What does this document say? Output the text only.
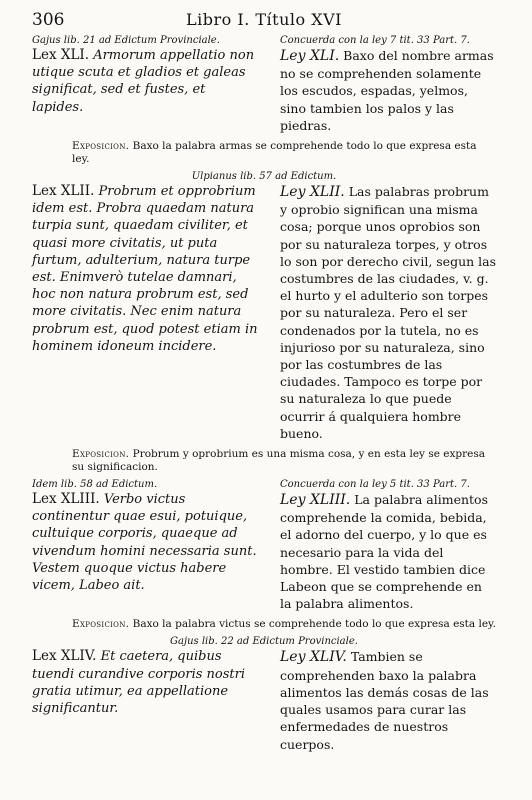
306	Libro I. Título XVI
Gajus lib. 21 ad Edictum Provinciale.

Lex XLI. Armorum appellatio non utique scuta et gladios et galeas significat, sed et fustes, et lapides.

Concuerda con la ley 7 tit. 33 Part. 7.

Ley XLI. Baxo del nombre armas no se comprehenden solamente los escudos, espadas, yelmos, sino tambien los palos y las piedras.

Exposicion. Baxo la palabra armas se comprehende todo lo que expresa esta ley.

Ulpianus lib. 57 ad Edictum.

Lex XLII. Probrum et opprobrium idem est. Probra quaedam natura turpia sunt, quaedam civiliter, et quasi more civitatis, ut puta furtum, adulterium, natura turpe est. Enimverò tutelae damnari, hoc non natura probrum est, sed more civitatis. Nec enim natura probrum est, quod potest etiam in hominem idoneum incidere.

Ley XLII. Las palabras probrum y oprobio significan una misma cosa; porque unos oprobios son por su naturaleza torpes, y otros lo son por derecho civil, segun las costumbres de las ciudades, v. g. el hurto y el adulterio son torpes por su naturaleza. Pero el ser condenados por la tutela, no es injurioso por su naturaleza, sino por las costumbres de las ciudades. Tampoco es torpe por su naturaleza lo que puede ocurrir á qualquiera hombre bueno.

Exposicion. Probrum y oprobrium es una misma cosa, y en esta ley se expresa su significacion.

Idem lib. 58 ad Edictum.

Lex XLIII. Verbo victus continentur quae esui, potuique, cultuique corporis, quaeque ad vivendum homini necessaria sunt. Vestem quoque victus habere vicem, Labeo ait.

Concuerda con la ley 5 tit. 33 Part. 7.

Ley XLIII. La palabra alimentos comprehende la comida, bebida, el adorno del cuerpo, y lo que es necesario para la vida del hombre. El vestido tambien dice Labeon que se comprehende en la palabra alimentos.

Exposicion. Baxo la palabra victus se comprehende todo lo que expresa esta ley.

Gajus lib. 22 ad Edictum Provinciale.

Lex XLIV. Et caetera, quibus tuendi curandive corporis nostri gratia utimur, ea appellatione significantur.

Ley XLIV. Tambien se comprehenden baxo la palabra alimentos las demás cosas de las quales usamos para curar las enfermedades de nuestros cuerpos.
